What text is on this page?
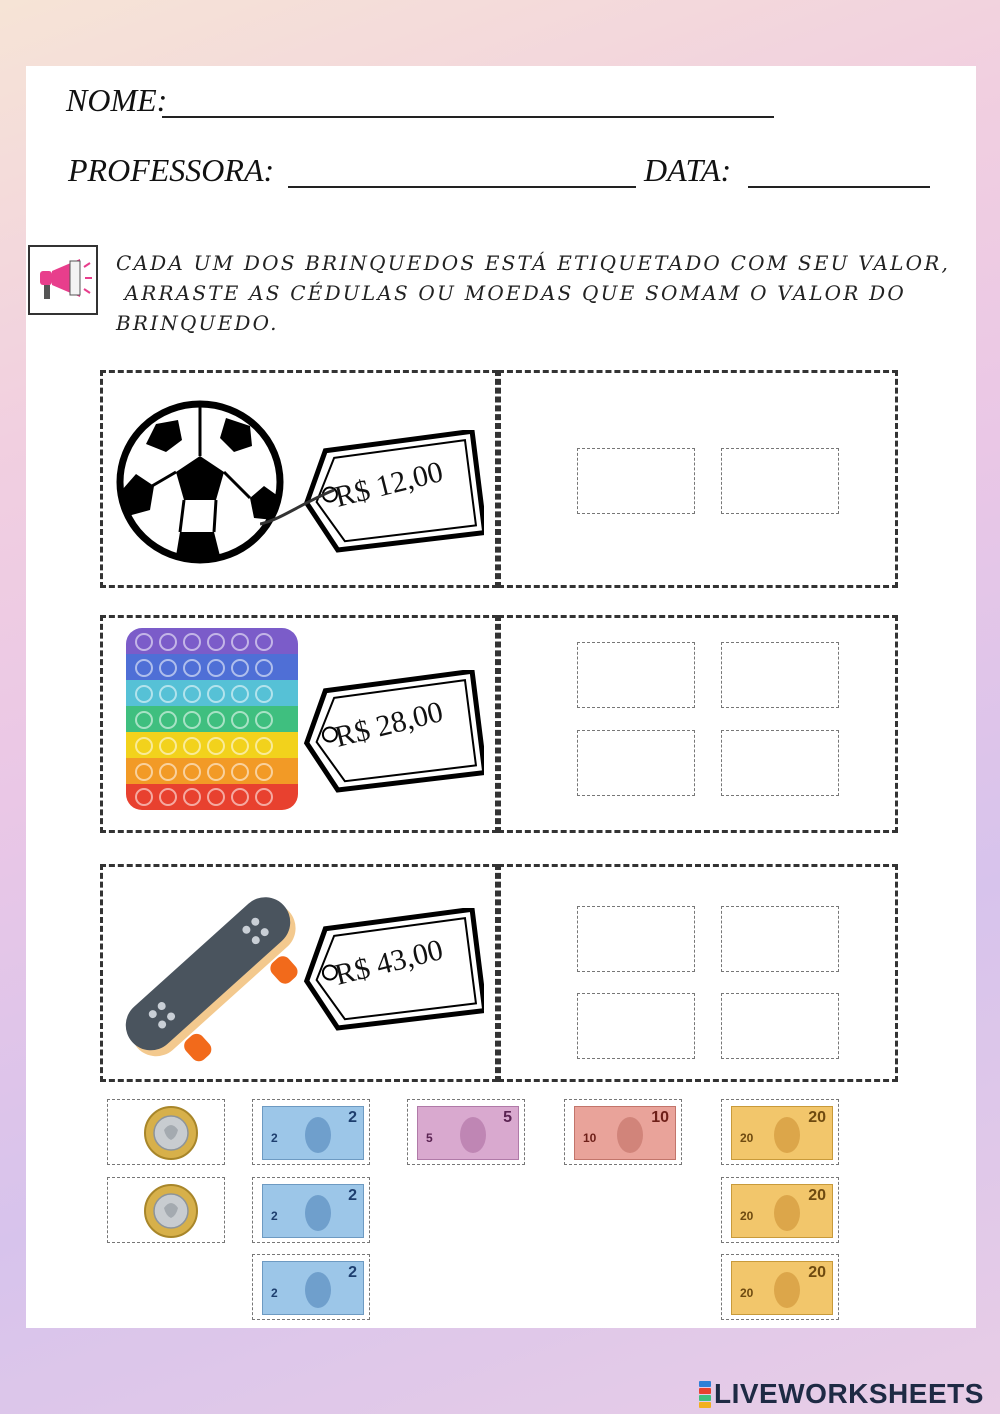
NOME:
PROFESSORA:	DATA:
CADA UM DOS BRINQUEDOS ESTÁ ETIQUETADO COM SEU VALOR,
ARRASTE AS CÉDULAS OU MOEDAS QUE SOMAM O VALOR DO
BRINQUEDO.
R$ 12,00
R$ 28,00
R$ 43,00
2
2
2
2
2
2
5
5
10
10
20
20
20
20
20
20
LIVEWORKSHEETS
